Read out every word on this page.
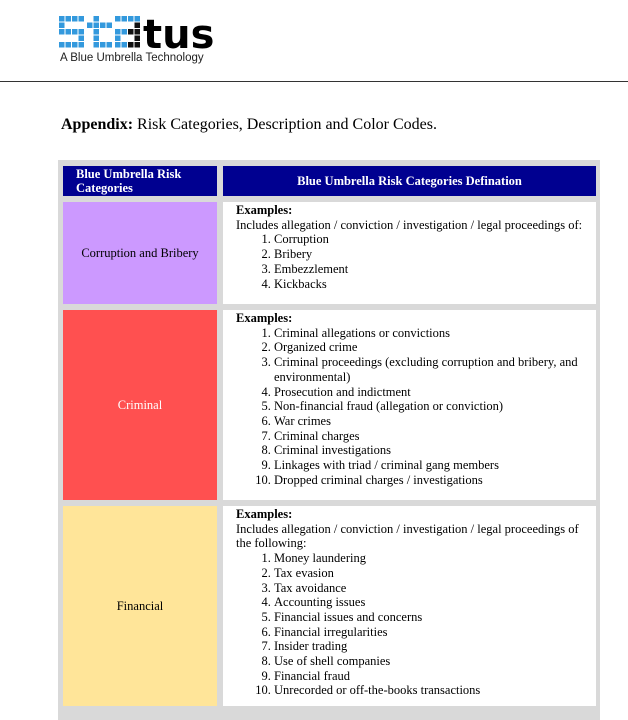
tus
A Blue Umbrella Technology
Appendix: Risk Categories, Description and Color Codes.
Blue Umbrella Risk Categories	Blue Umbrella Risk Categories Defination
Corruption and Bribery
Examples:
Includes allegation / conviction / investigation / legal proceedings of:
1. Corruption
2. Bribery
3. Embezzlement
4. Kickbacks
Criminal
Examples:
1. Criminal allegations or convictions
2. Organized crime
3. Criminal proceedings (excluding corruption and bribery, and environmental)
4. Prosecution and indictment
5. Non-financial fraud (allegation or conviction)
6. War crimes
7. Criminal charges
8. Criminal investigations
9. Linkages with triad / criminal gang members
10. Dropped criminal charges / investigations
Financial
Examples:
Includes allegation / conviction / investigation / legal proceedings of the following:
1. Money laundering
2. Tax evasion
3. Tax avoidance
4. Accounting issues
5. Financial issues and concerns
6. Financial irregularities
7. Insider trading
8. Use of shell companies
9. Financial fraud
10. Unrecorded or off-the-books transactions
